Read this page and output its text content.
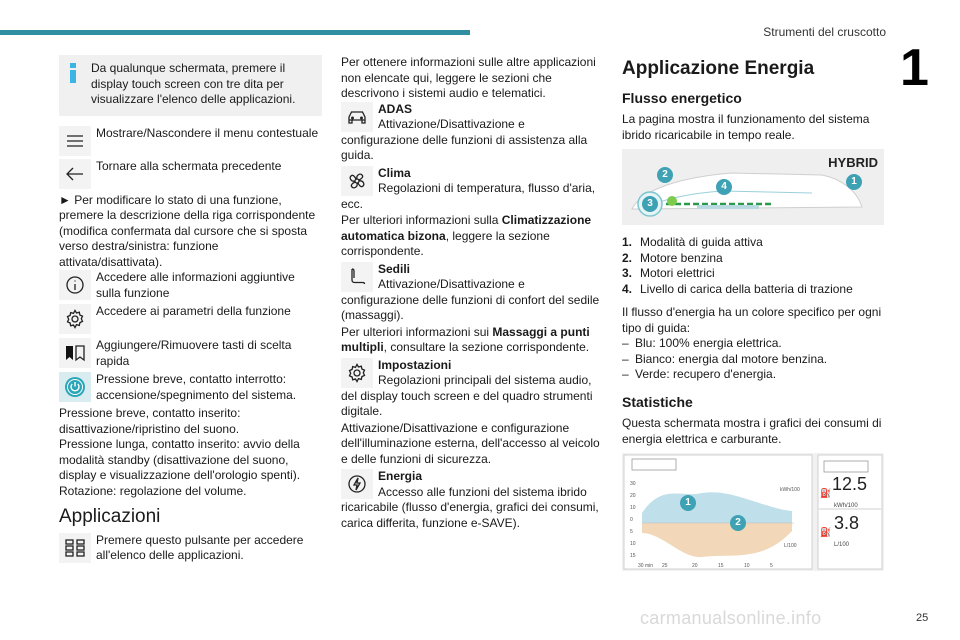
Strumenti del cruscotto
1

Da qualunque schermata, premere il display touch screen con tre dita per visualizzare l'elenco delle applicazioni.

Mostrare/Nascondere il menu contestuale
Tornare alla schermata precedente

► Per modificare lo stato di una funzione, premere la descrizione della riga corrispondente (modifica confermata dal cursore che si sposta verso destra/sinistra: funzione attivata/disattivata).

Accedere alle informazioni aggiuntive sulla funzione
Accedere ai parametri della funzione
Aggiungere/Rimuovere tasti di scelta rapida
Pressione breve, contatto interrotto: accensione/spegnimento del sistema.

Pressione breve, contatto inserito: disattivazione/ripristino del suono.

Pressione lunga, contatto inserito: avvio della modalità standby (disattivazione del suono, display e visualizzazione dell'orologio spenti).

Rotazione: regolazione del volume.

Applicazioni
Premere questo pulsante per accedere all'elenco delle applicazioni.

Per ottenere informazioni sulle altre applicazioni non elencate qui, leggere le sezioni che descrivono i sistemi audio e telematici.

ADAS
Attivazione/Disattivazione e configurazione delle funzioni di assistenza alla guida.
Clima
Regolazioni di temperatura, flusso d'aria, ecc.

Per ulteriori informazioni sulla Climatizzazione automatica bizona, leggere la sezione corrispondente.

Sedili
Attivazione/Disattivazione e configurazione delle funzioni di confort del sedile (massaggi).

Per ulteriori informazioni sui Massaggi a punti multipli, consultare la sezione corrispondente.

Impostazioni
Regolazioni principali del sistema audio, del display touch screen e del quadro strumenti digitale.

Attivazione/Disattivazione e configurazione dell'illuminazione esterna, dell'accesso al veicolo e delle funzioni di sicurezza.

Energia
Accesso alle funzioni del sistema ibrido ricaricabile (flusso d'energia, grafici dei consumi, carica differita, funzione e-SAVE).
Applicazione Energia
Flusso energetico

La pagina mostra il funzionamento del sistema ibrido ricaricabile in tempo reale.

HYBRID
1
2
3
4
1. Modalità di guida attiva
2. Motore benzina
3. Motori elettrici
4. Livello di carica della batteria di trazione

Il flusso d'energia ha un colore specifico per ogni tipo di guida:

– Blu: 100% energia elettrica.
– Bianco: energia dal motore benzina.
– Verde: recupero d'energia.
Statistiche

Questa schermata mostra i grafici dei consumi di energia elettrica e carburante.

30
20
10
0
5
10
15
30 min 25	20	15	10	5
kWh/100
L/100
1
2
⛽ 12.5
kWh/100
⛽ 3.8
L/100
carmanualsonline.info	25
